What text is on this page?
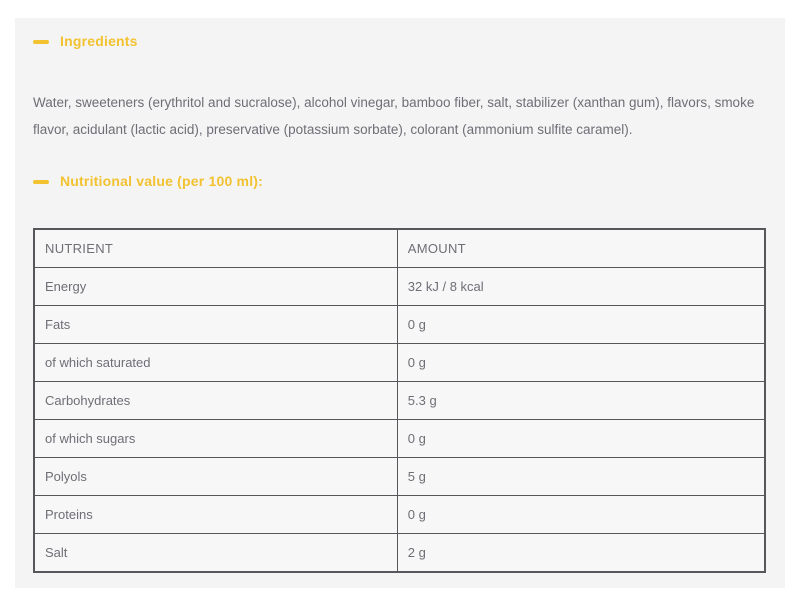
Ingredients

Water, sweeteners (erythritol and sucralose), alcohol vinegar, bamboo fiber, salt, stabilizer (xanthan gum), flavors, smoke flavor, acidulant (lactic acid), preservative (potassium sorbate), colorant (ammonium sulfite caramel).

Nutritional value (per 100 ml):
NUTRIENT	AMOUNT
Energy	32 kJ / 8 kcal
Fats	0 g
of which saturated	0 g
Carbohydrates	5.3 g
of which sugars	0 g
Polyols	5 g
Proteins	0 g
Salt	2 g
